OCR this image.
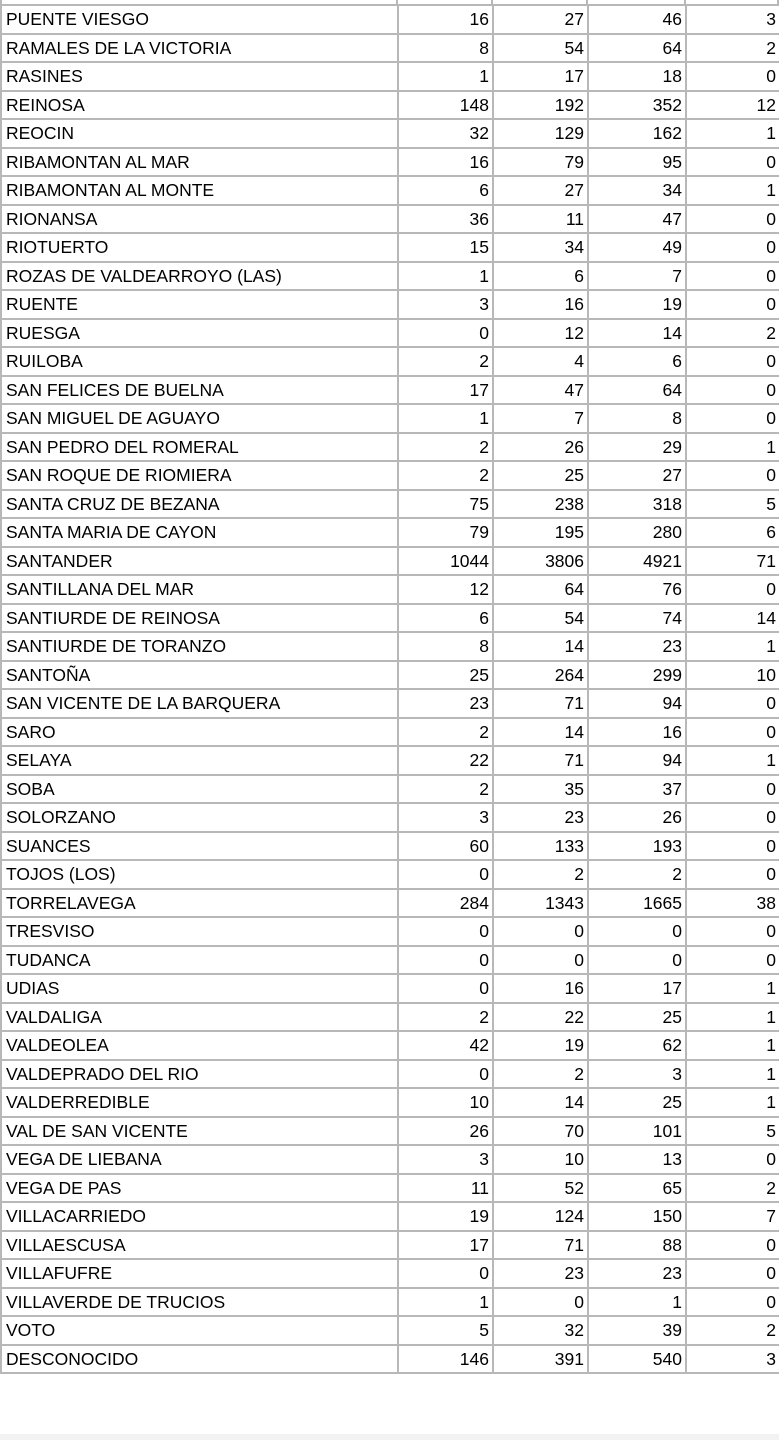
PUENTE VIESGO	16	27	46	3
RAMALES DE LA VICTORIA	8	54	64	2
RASINES	1	17	18	0
REINOSA	148	192	352	12
REOCIN	32	129	162	1
RIBAMONTAN AL MAR	16	79	95	0
RIBAMONTAN AL MONTE	6	27	34	1
RIONANSA	36	11	47	0
RIOTUERTO	15	34	49	0
ROZAS DE VALDEARROYO (LAS)	1	6	7	0
RUENTE	3	16	19	0
RUESGA	0	12	14	2
RUILOBA	2	4	6	0
SAN FELICES DE BUELNA	17	47	64	0
SAN MIGUEL DE AGUAYO	1	7	8	0
SAN PEDRO DEL ROMERAL	2	26	29	1
SAN ROQUE DE RIOMIERA	2	25	27	0
SANTA CRUZ DE BEZANA	75	238	318	5
SANTA MARIA DE CAYON	79	195	280	6
SANTANDER	1044	3806	4921	71
SANTILLANA DEL MAR	12	64	76	0
SANTIURDE DE REINOSA	6	54	74	14
SANTIURDE DE TORANZO	8	14	23	1
SANTOÑA	25	264	299	10
SAN VICENTE DE LA BARQUERA	23	71	94	0
SARO	2	14	16	0
SELAYA	22	71	94	1
SOBA	2	35	37	0
SOLORZANO	3	23	26	0
SUANCES	60	133	193	0
TOJOS (LOS)	0	2	2	0
TORRELAVEGA	284	1343	1665	38
TRESVISO	0	0	0	0
TUDANCA	0	0	0	0
UDIAS	0	16	17	1
VALDALIGA	2	22	25	1
VALDEOLEA	42	19	62	1
VALDEPRADO DEL RIO	0	2	3	1
VALDERREDIBLE	10	14	25	1
VAL DE SAN VICENTE	26	70	101	5
VEGA DE LIEBANA	3	10	13	0
VEGA DE PAS	11	52	65	2
VILLACARRIEDO	19	124	150	7
VILLAESCUSA	17	71	88	0
VILLAFUFRE	0	23	23	0
VILLAVERDE DE TRUCIOS	1	0	1	0
VOTO	5	32	39	2
DESCONOCIDO	146	391	540	3
